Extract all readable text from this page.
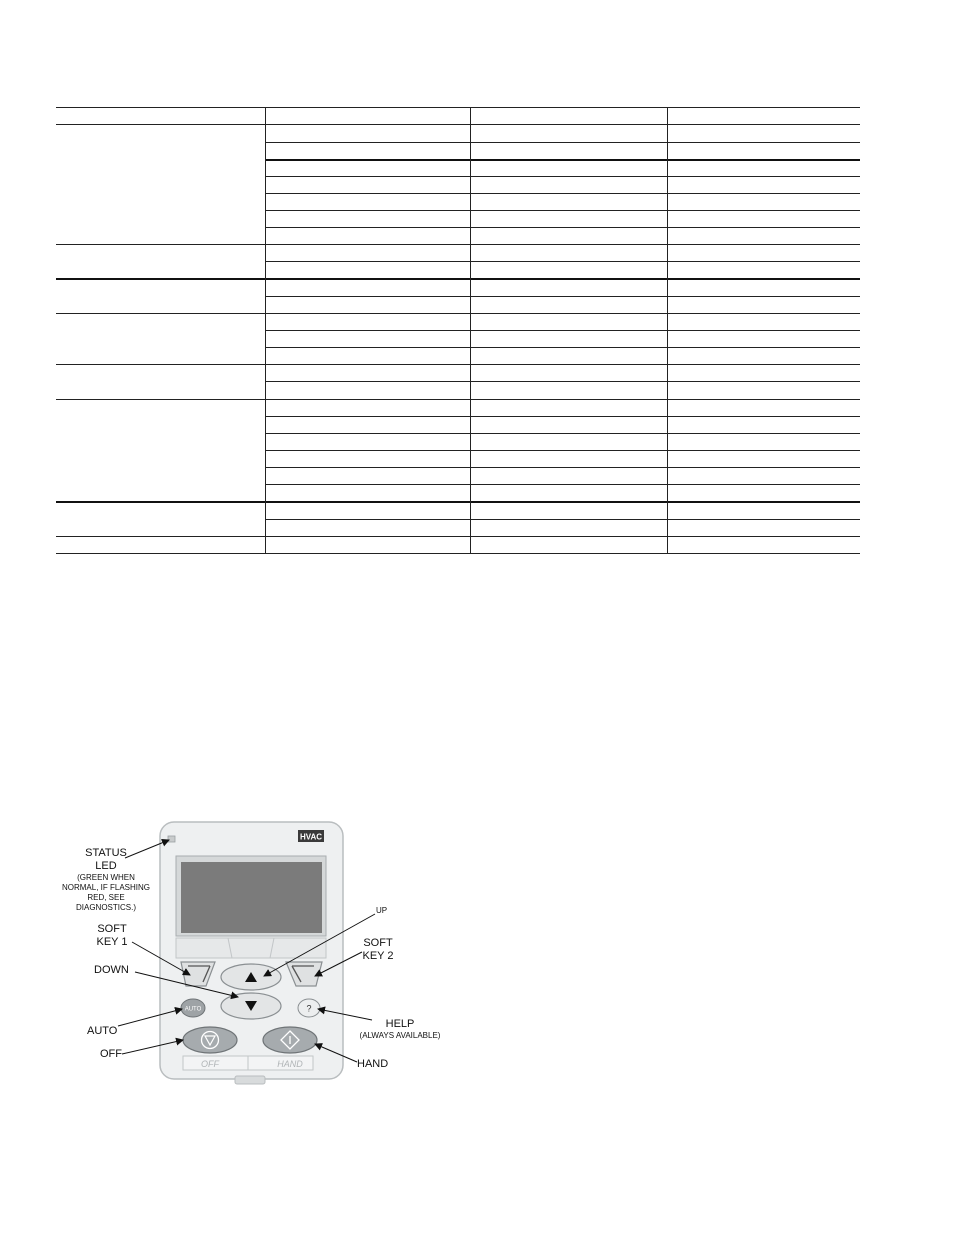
HVAC
AUTO	?
OFF	HAND
STATUS
LED
(GREEN WHEN
NORMAL, IF FLASHING
RED, SEE
DIAGNOSTICS.)	UP
SOFT
KEY 1	SOFT
KEY 2
DOWN
AUTO
HELP
(ALWAYS AVAILABLE)
OFF
HAND
